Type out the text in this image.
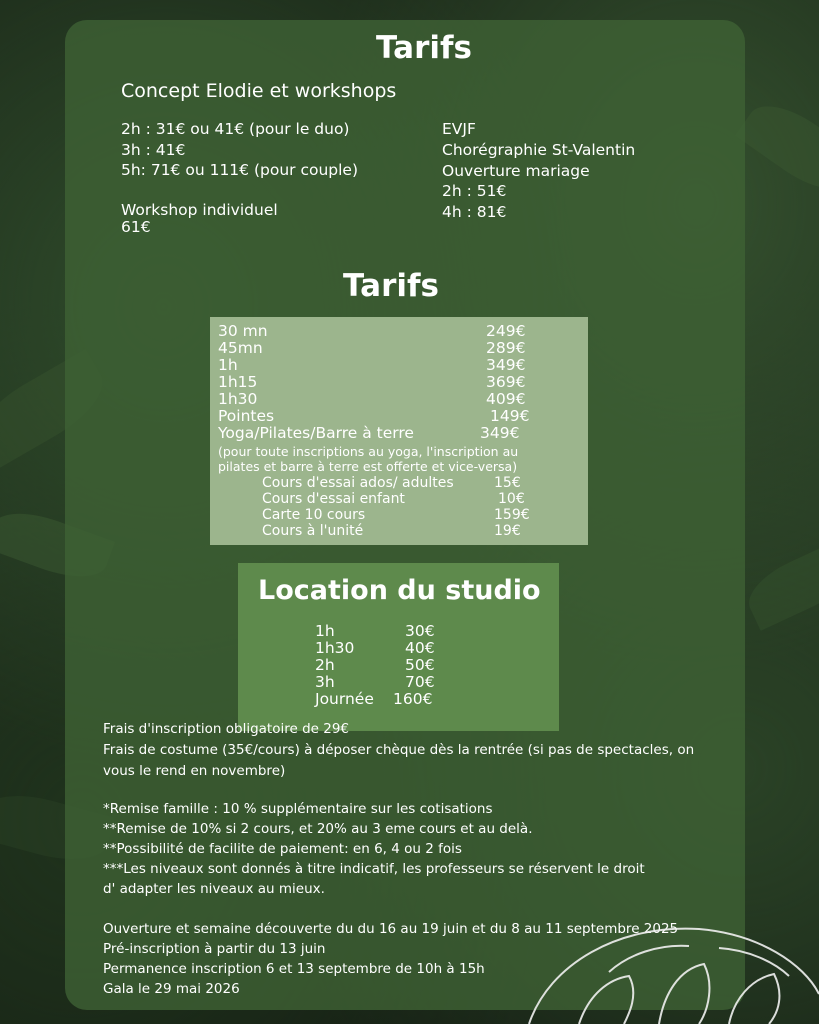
Tarifs
Concept Elodie et workshops
2h : 31€ ou 41€ (pour le duo)
3h : 41€
5h: 71€ ou 111€ (pour couple)
Workshop individuel
61€
EVJF
Chorégraphie St-Valentin
Ouverture mariage
2h : 51€
4h : 81€
Tarifs
30 mn	249€
45mn	289€
1h	349€
1h15	369€
1h30	409€
Pointes	149€
Yoga/Pilates/Barre à terre	349€
(pour toute inscriptions au yoga, l'inscription au
pilates et barre à terre est offerte et vice-versa)
Cours d'essai ados/ adultes	15€
Cours d'essai enfant	10€
Carte 10 cours	159€
Cours à l'unité	19€
Location du studio
1h	30€
1h30	40€
2h	50€
3h	70€
Journée 160€
Frais d'inscription obligatoire de 29€
Frais de costume (35€/cours) à déposer chèque dès la rentrée (si pas de spectacles, on
vous le rend en novembre)
*Remise famille : 10 % supplémentaire sur les cotisations
**Remise de 10% si 2 cours, et 20% au 3 eme cours et au delà.
**Possibilité de facilite de paiement: en 6, 4 ou 2 fois
***Les niveaux sont donnés à titre indicatif, les professeurs se réservent le droit
d' adapter les niveaux au mieux.
Ouverture et semaine découverte du du 16 au 19 juin et du 8 au 11 septembre 2025
Pré-inscription à partir du 13 juin
Permanence inscription 6 et 13 septembre de 10h à 15h
Gala le 29 mai 2026
